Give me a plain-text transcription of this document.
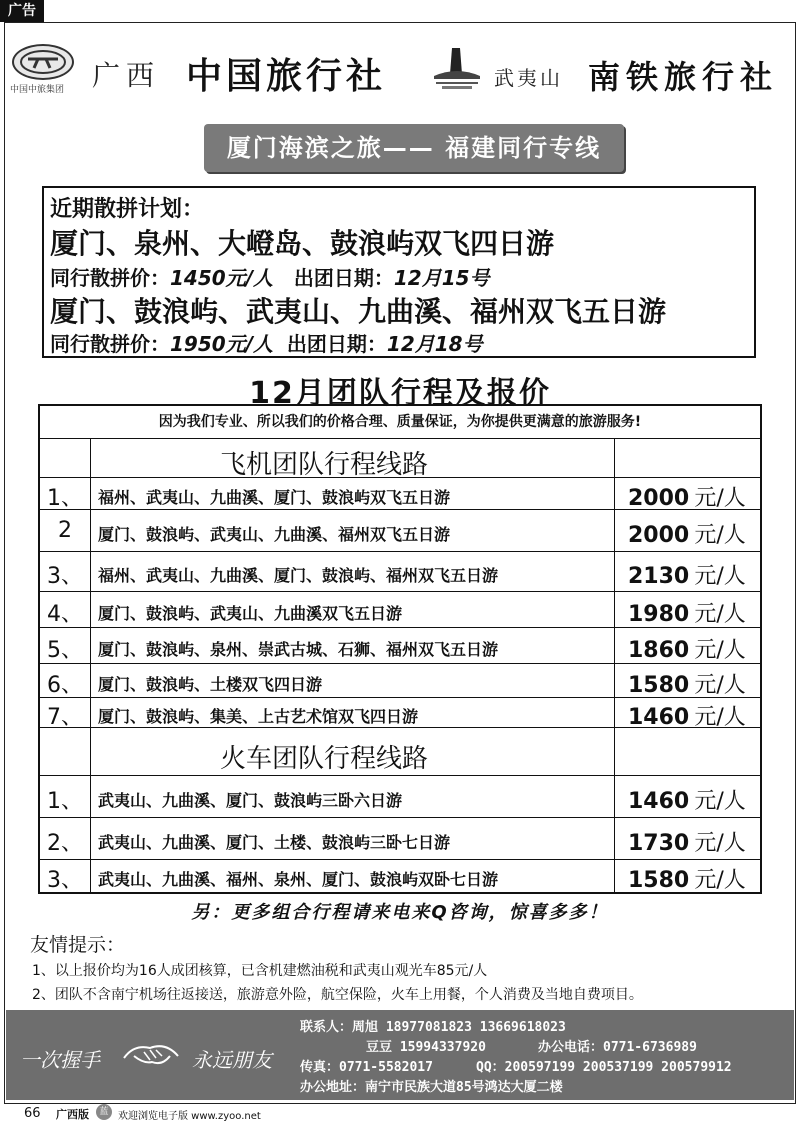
广告
中国中旅集团 广西 中国旅行社	武夷山 南铁旅行社
厦门海滨之旅—— 福建同行专线
近期散拼计划：
厦门、泉州、大嶝岛、鼓浪屿双飞四日游
同行散拼价：1450元/人 出团日期：12月15号
厦门、鼓浪屿、武夷山、九曲溪、福州双飞五日游
同行散拼价：1950元/人 出团日期：12月18号
12月团队行程及报价
因为我们专业、所以我们的价格合理、质量保证，为你提供更满意的旅游服务!
飞机团队行程线路
1、 福州、武夷山、九曲溪、厦门、鼓浪屿双飞五日游	2000 元/人
2	厦门、鼓浪屿、武夷山、九曲溪、福州双飞五日游	2000 元/人
3、 福州、武夷山、九曲溪、厦门、鼓浪屿、福州双飞五日游	2130 元/人
4、 厦门、鼓浪屿、武夷山、九曲溪双飞五日游	1980 元/人
5、 厦门、鼓浪屿、泉州、崇武古城、石狮、福州双飞五日游	1860 元/人
6、 厦门、鼓浪屿、土楼双飞四日游	1580 元/人
7、 厦门、鼓浪屿、集美、上古艺术馆双飞四日游	1460 元/人
火车团队行程线路
1、 武夷山、九曲溪、厦门、鼓浪屿三卧六日游	1460 元/人
2、 武夷山、九曲溪、厦门、土楼、鼓浪屿三卧七日游	1730 元/人
3、 武夷山、九曲溪、福州、泉州、厦门、鼓浪屿双卧七日游	1580 元/人
另：更多组合行程请来电来Q咨询，惊喜多多！
友情提示：
1、以上报价均为16人成团核算，已含机建燃油税和武夷山观光车85元/人
2、团队不含南宁机场往返接送，旅游意外险，航空保险，火车上用餐，个人消费及当地自费项目。
一次握手	永远朋友
联系人：周旭 18977081823 13669618023
豆豆 15994337920	办公电话：0771-6736989
传真：0771-5582017	QQ：200597199 200537199 200579912
办公地址：南宁市民族大道85号鸿达大厦二楼
66 广西版	蓝 欢迎浏览电子版 www.zyoo.net
